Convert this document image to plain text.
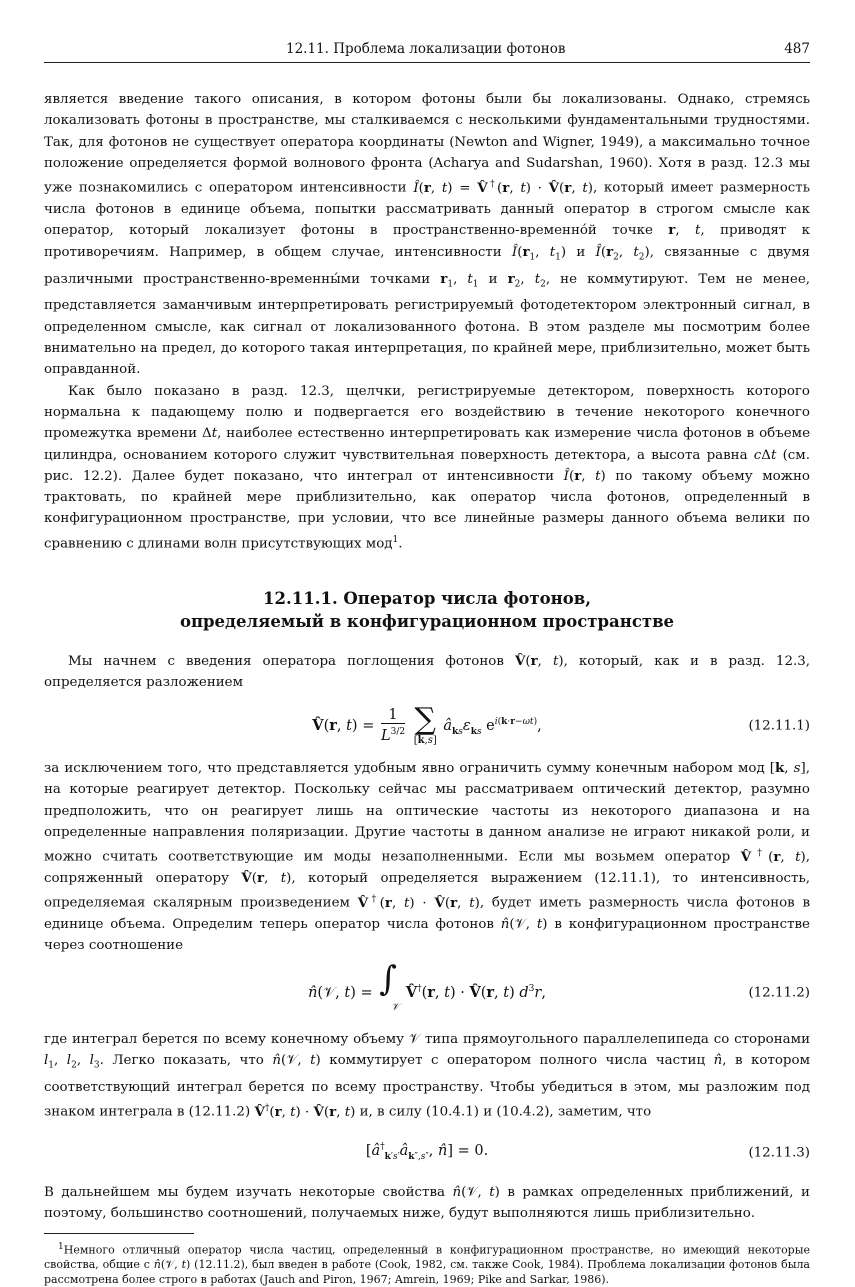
12.11. Проблема локализации фотонов	487

является введение такого описания, в котором фотоны были бы локализованы. Однако, стремясь локализовать фотоны в пространстве, мы сталкиваемся с несколькими фундаментальными трудностями. Так, для фотонов не существует оператора координаты (Newton and Wigner, 1949), а максимально точное положение определяется формой волнового фронта (Acharya and Sudarshan, 1960). Хотя в разд. 12.3 мы уже познакомились с оператором интенсивности Î(r, t) = V̂†(r, t) · V̂(r, t), который имеет размерность числа фотонов в единице объема, попытки рассматривать данный оператор в строгом смысле как оператор, который локализует фотоны в пространственно-временно́й точке r, t, приводят к противоречиям. Например, в общем случае, интенсивности $Î(r_1$, $t_1$) и $Î(r_2$, $t_2$), связанные с двумя различными пространственно-временны́ми точками $r_1$, $t_1$ и $r_2$, $t_2$, не коммутируют. Тем не менее, представляется заманчивым интерпретировать регистрируемый фотодетектором электронный сигнал, в определенном смысле, как сигнал от локализованного фотона. В этом разделе мы посмотрим более внимательно на предел, до которого такая интерпретация, по крайней мере, приблизительно, может быть оправданной.

Как было показано в разд. 12.3, щелчки, регистрируемые детектором, поверхность которого нормальна к падающему полю и подвергается его воздействию в течение некоторого конечного промежутка времени Δt, наиболее естественно интерпретировать как измерение числа фотонов в объеме цилиндра, основанием которого служит чувствительная поверхность детектора, а высота равна cΔt (см. рис. 12.2). Далее будет показано, что интеграл от интенсивности Î(r, t) по такому объему можно трактовать, по крайней мере приблизительно, как оператор числа фотонов, определенный в конфигурационном пространстве, при условии, что все линейные размеры данного объема велики по сравнению с длинами волн присутствующих мод$^1$.

12.11.1. Оператор числа фотонов,
определяемый в конфигурационном пространстве

Мы начнем с введения оператора поглощения фотонов V̂(r, t), который, как и в разд. 12.3, определяется разложением

V̂(r, $t) = \frac{1}{L^{3/2}}$ ∑
[k,s]
$â_{ks}\varepsilon_{ks}$ $e^{i(k\cdot r-\omega t)}$,	(12.11.1)

за исключением того, что представляется удобным явно ограничить сумму конечным набором мод [k, s], на которые реагирует детектор. Поскольку сейчас мы рассматриваем оптический детектор, разумно предположить, что он реагирует лишь на оптические частоты из некоторого диапазона и на определенные направления поляризации. Другие частоты в данном анализе не играют никакой роли, и можно считать соответствующие им моды незаполненными. Если мы возьмем оператор V̂†(r, t), сопряженный оператору V̂(r, t), который определяется выражением (12.11.1), то интенсивность, определяемая скалярным произведением V̂†(r, t) · V̂(r, t), будет иметь размерность числа фотонов в единице объема. Определим теперь оператор числа фотонов n̂(𝒱, t) в конфигурационном пространстве через соотношение

n̂(𝒱, t) = ∫
𝒱
V̂†(r, t) · V̂(r, t) $d^3r$,	(12.11.2)

где интеграл берется по всему конечному объему 𝒱 типа прямоугольного параллелепипеда со сторонами $l_1$, $l_2$, $l_3$. Легко показать, что n̂(𝒱, t) коммутирует с оператором полного числа частиц n̂, в котором соответствующий интеграл берется по всему пространству. Чтобы убедиться в этом, мы разложим под знаком интеграла в (12.11.2) V̂†(r, t) · V̂(r, t) и, в силу (10.4.1) и (10.4.2), заметим, что

[$â^\dagger_{k's'}â_{k'',s''}$, n̂] = 0.	(12.11.3)

В дальнейшем мы будем изучать некоторые свойства n̂(𝒱, t) в рамках определенных приближений, и поэтому, большинство соотношений, получаемых ниже, будут выполняются лишь приблизительно.

$^1$Немного отличный оператор числа частиц, определенный в конфигурационном пространстве, но имеющий некоторые свойства, общие с n̂(𝒱, t) (12.11.2), был введен в работе (Cook, 1982, см. также Cook, 1984). Проблема локализации фотонов была рассмотрена более строго в работах (Jauch and Piron, 1967; Amrein, 1969; Pike and Sarkar, 1986).
